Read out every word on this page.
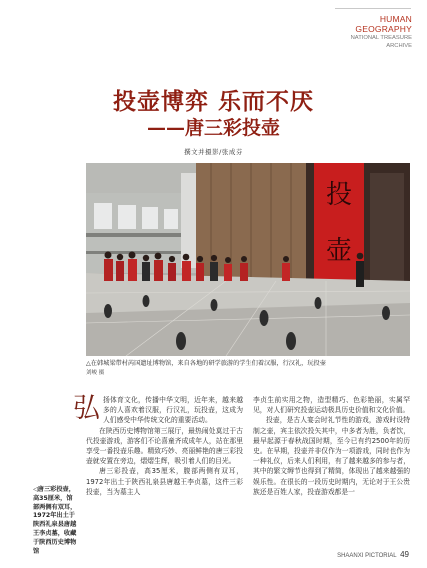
HUMAN GEOGRAPHY
NATIONAL TREASURE ARCHIVE
投壶博弈 乐而不厌
——唐三彩投壶
撰文并摄影/张成芬
投
壶
△在韩城梁带村芮国遗址博物馆，来自各地的研学旅游的学生们着汉服，行汉礼，玩投壶
刘峻 摄
◁唐三彩投壶，高35厘米，馆部两侧有双耳，1972年出土于陕西礼泉县唐越王李贞墓，收藏于陕西历史博物馆

弘扬体育文化，传播中华文明，近年来，越来越多的人喜欢着汉服，行汉礼，玩投壶，这成为人们感受中华传统文化的重要活动。

在陕西历史博物馆第三展厅，最热闹处莫过于古代投壶游戏，游客们不论喜童齐成成年人，站在那里享受一番投壶乐趣。精致巧妙、亮丽鲜艳的唐三彩投壶就安置在旁边，熠熠生辉，吸引着人们的目光。

唐三彩投壶，高35厘米，腹部两侧有双耳，1972年出土于陕西礼泉县唐越王李贞墓，这件三彩投壶，当为墓主人

李贞生前实用之物，造型精巧、色彩艳丽，实属罕见，对人们研究投壶运动极具历史价值和文化价值。

投壶，是古人宴会时礼节性的游戏，游戏时设特制之壶，宾主依次投矢其中，中多者为胜，负者饮，最早起源于春秋战国时期，至今已有约2500年的历史。在早期，投壶并非仅作为一项游戏，同时也作为一种礼仪，后来人们利用，有了越来越多的参与者，其中的繁文缛节也得到了精简，体现出了越来越强的娱乐性。在很长的一段历史时期内，无论对于王公贵族还是百姓人家，投壶游戏都是一

SHAANXI PICTORIAL 49
